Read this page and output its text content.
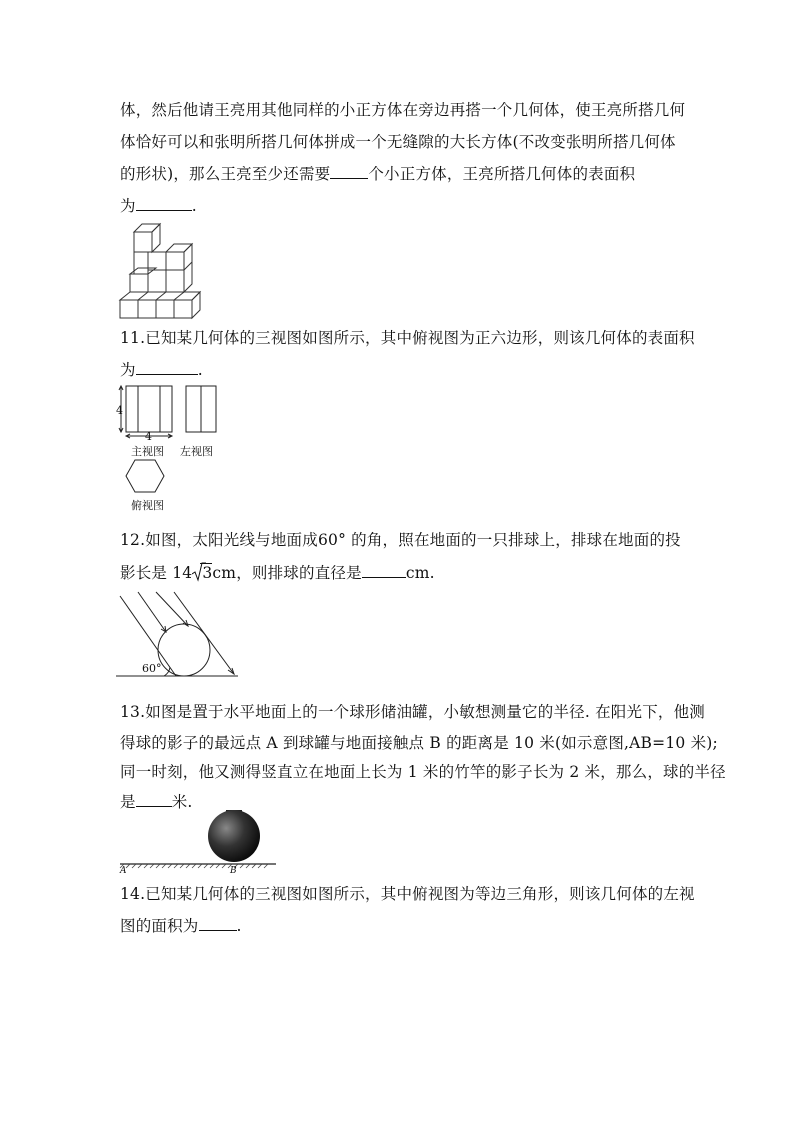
体，然后他请王亮用其他同样的小正方体在旁边再搭一个几何体，使王亮所搭几何
体恰好可以和张明所搭几何体拼成一个无缝隙的大长方体(不改变张明所搭几何体
的形状)，那么王亮至少还需要 个小正方体，王亮所搭几何体的表面积
为	.
11.已知某几何体的三视图如图所示，其中俯视图为正六边形，则该几何体的表面积
为	.
4
4
主视图 左视图
俯视图
12.如图，太阳光线与地面成60° 的角，照在地面的一只排球上，排球在地面的投
影长是 14 3cm，则排球的直径是	cm.
60°
13.如图是置于水平地面上的一个球形储油罐，小敏想测量它的半径. 在阳光下，他测
得球的影子的最远点 A 到球罐与地面接触点 B 的距离是 10 米(如示意图,AB=10 米);
同一时刻，他又测得竖直立在地面上长为 1 米的竹竿的影子长为 2 米，那么，球的半径
是 米.
A	B
14.已知某几何体的三视图如图所示，其中俯视图为等边三角形，则该几何体的左视
图的面积为 .
